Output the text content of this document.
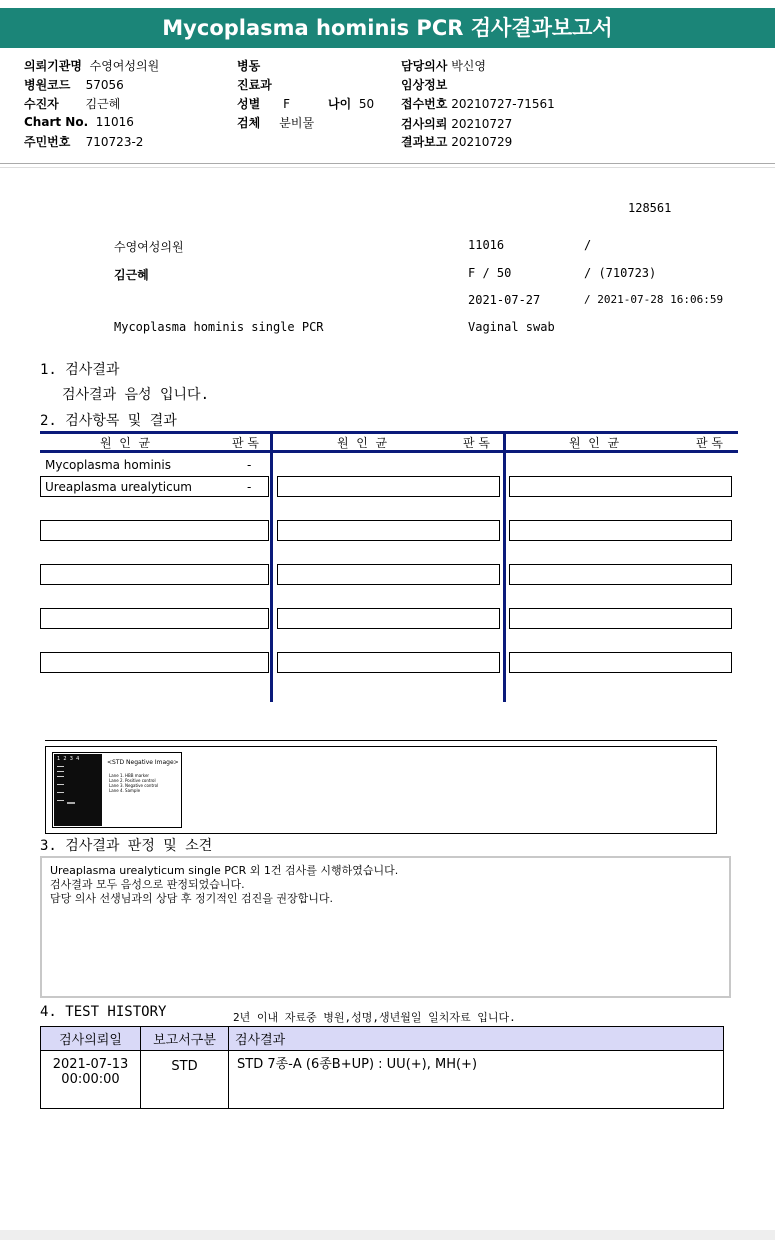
Mycoplasma hominis PCR 검사결과보고서
의뢰기관명 수영여성의원
병원코드 57056
수진자 김근혜
Chart No. 11016
주민번호 710723-2
병동
진료과
성별 F	나이 50
검체 분비물
담당의사 박신영
임상정보
접수번호 20210727-71561
검사의뢰 20210727
결과보고 20210729
128561
수영여성의원	11016	/
김근혜	F / 50	/ (710723)
2021-07-27	/ 2021-07-28 16:06:59
Mycoplasma hominis single PCR	Vaginal swab
1. 검사결과
검사결과 음성 입니다.
2. 검사항목 및 결과
원  인  균	판 독	원  인  균	판 독	원  인  균	판 독
Mycoplasma hominis	-
Ureaplasma urealyticum	-
1  2  3  4	<STD Negative Image>
Lane 1. HBB marker
Lane 2. Positive control
Lane 3. Negative control
Lane 4. Sample
3. 검사결과 판정 및 소견
Ureaplasma urealyticum single PCR 외 1건 검사를 시행하였습니다.
검사결과 모두 음성으로 판정되었습니다.
담당 의사 선생님과의 상담 후 정기적인 검진을 권장합니다.
4. TEST HISTORY	2년 이내 자료중 병원,성명,생년월일 일치자료 입니다.
검사의뢰일	보고서구분	검사결과

2021-07-13
00:00:00	STD	STD 7종-A (6종B+UP) : UU(+), MH(+)
